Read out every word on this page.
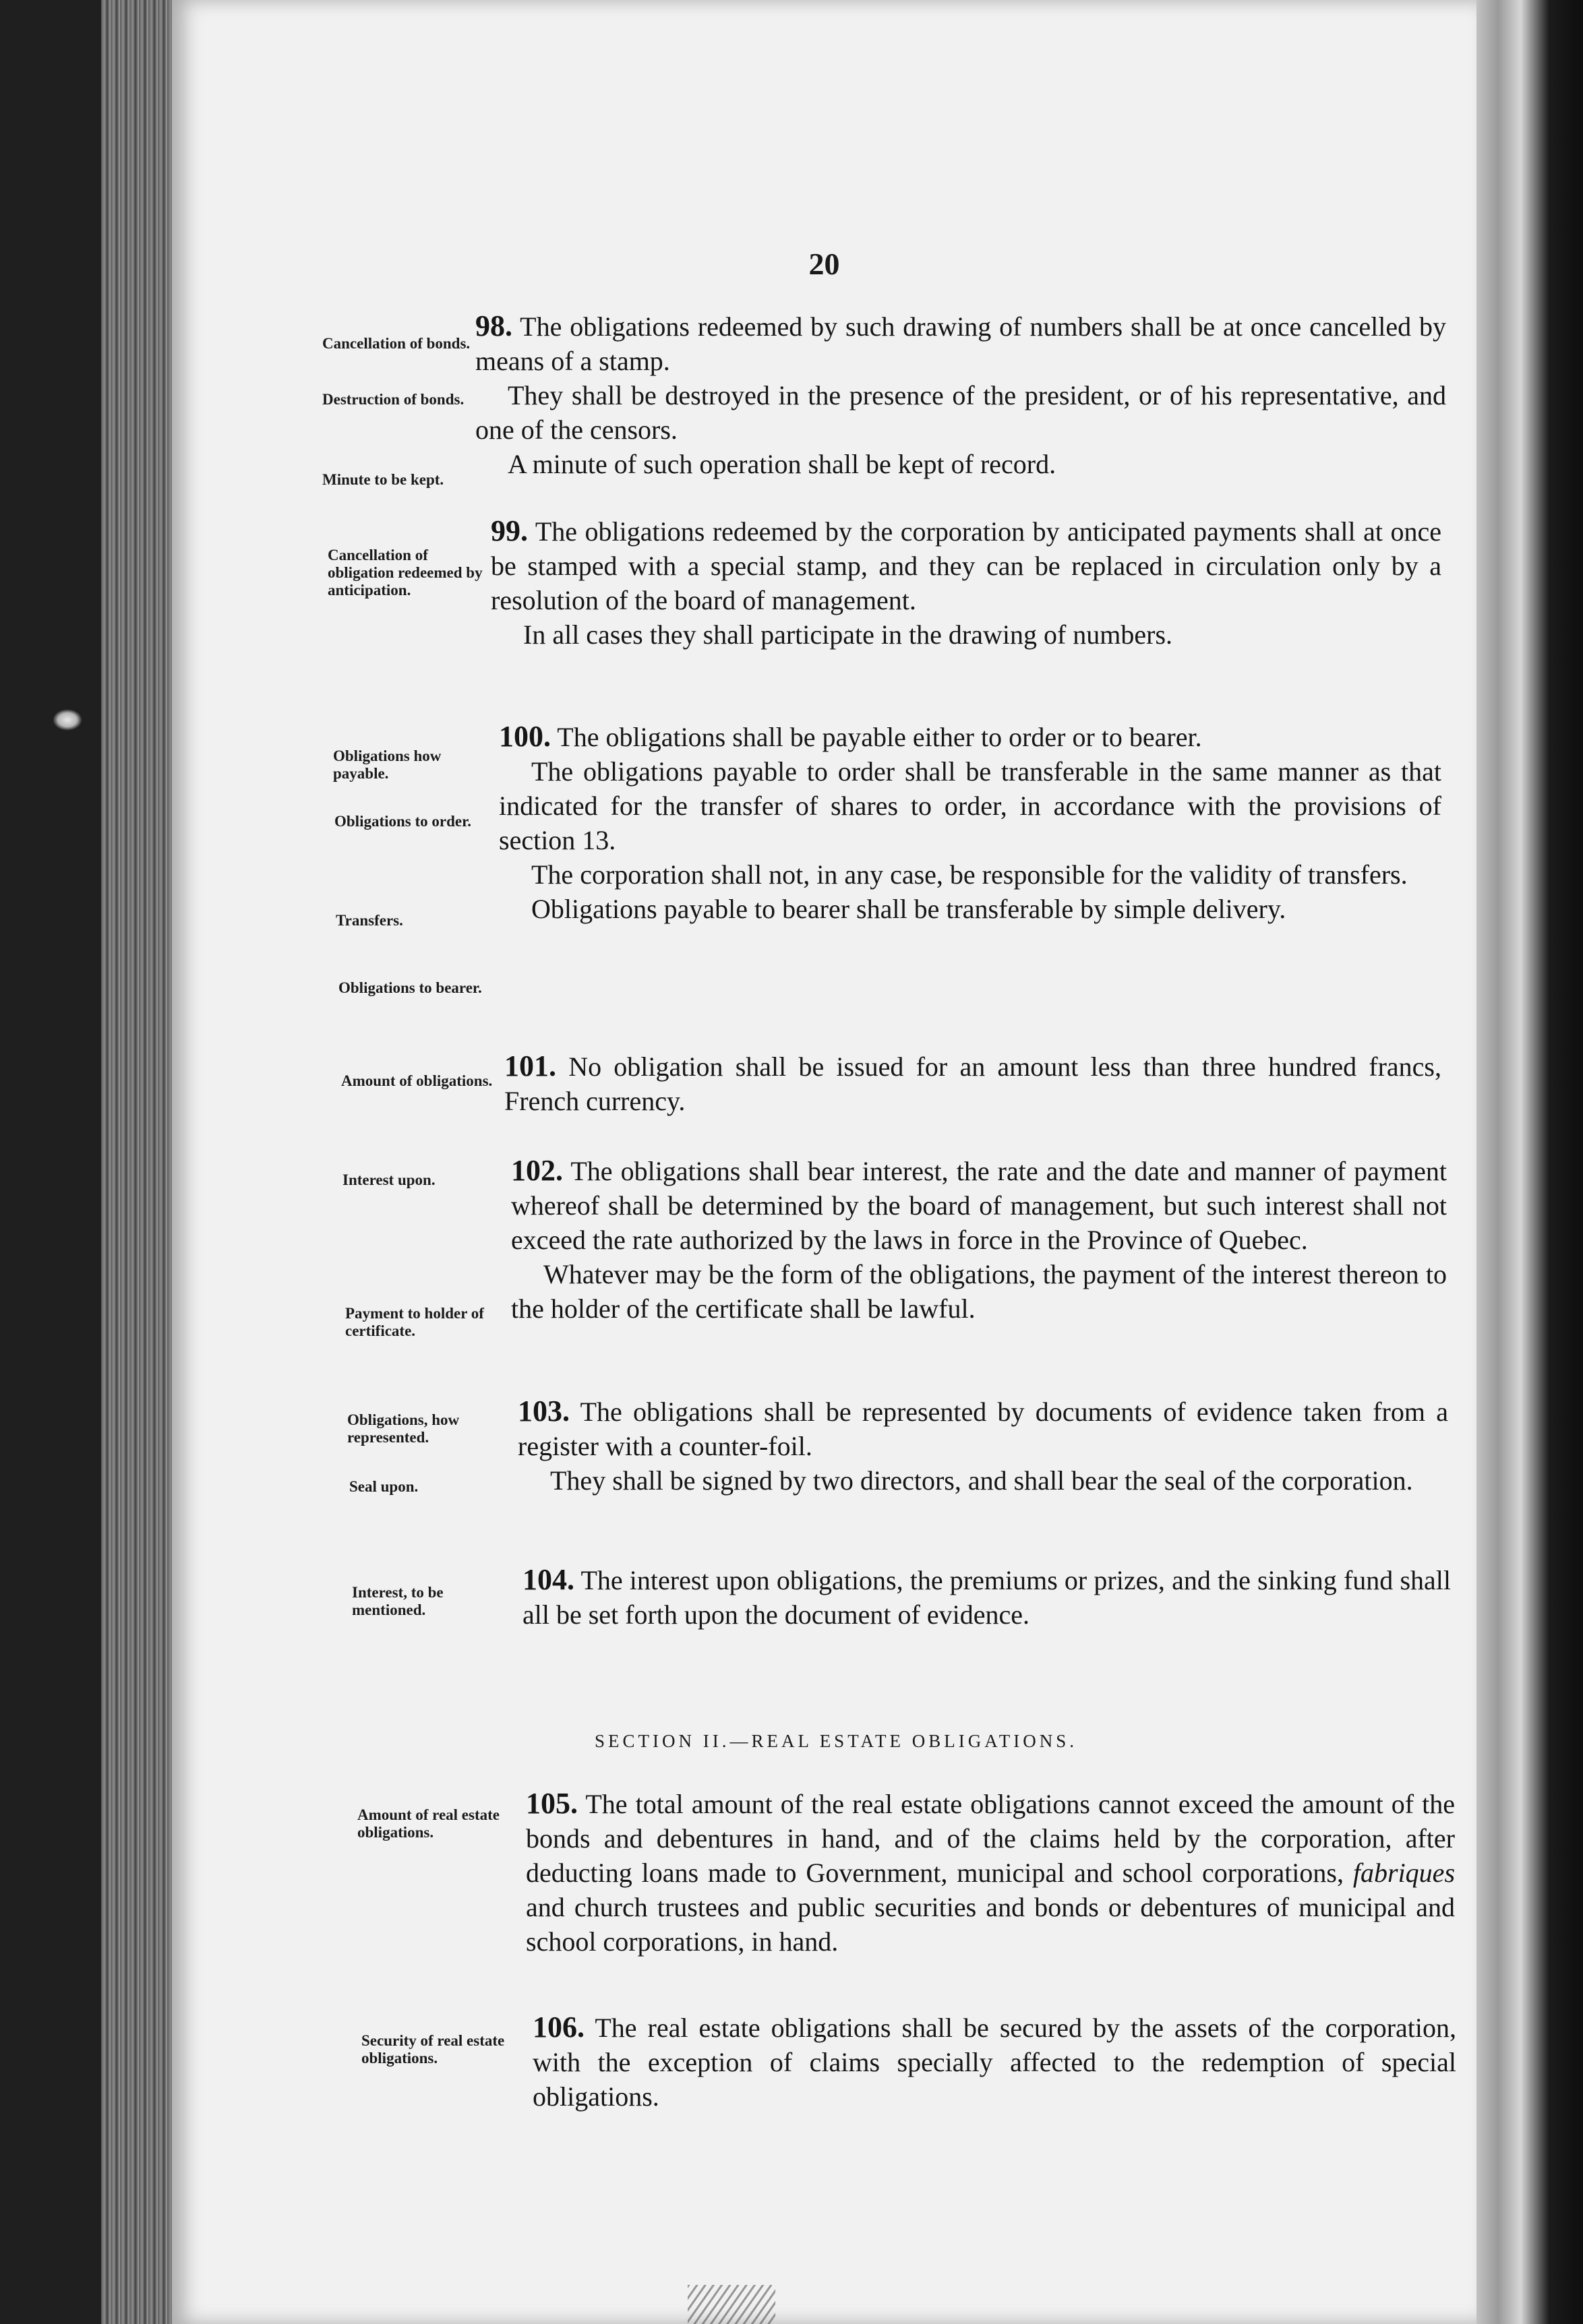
20

Cancellation of bonds.

Destruction of bonds.

Minute to be kept.

Cancellation of obligation redeemed by anticipation.

Obligations how payable.

Obligations to order.

Transfers.

Obligations to bearer.

Amount of obligations.

Interest upon.

Payment to holder of certificate.

Obligations, how represented.

Seal upon.

Interest, to be mentioned.

Amount of real estate obligations.

Security of real estate obligations.

98. The obligations redeemed by such drawing of numbers shall be at once cancelled by means of a stamp.
They shall be destroyed in the presence of the president, or of his representative, and one of the censors.
A minute of such operation shall be kept of record.
99. The obligations redeemed by the corporation by anticipated payments shall at once be stamped with a special stamp, and they can be replaced in circulation only by a resolution of the board of management.
In all cases they shall participate in the drawing of numbers.
100. The obligations shall be payable either to order or to bearer.
The obligations payable to order shall be transferable in the same manner as that indicated for the transfer of shares to order, in accordance with the provisions of section 13.
The corporation shall not, in any case, be responsible for the validity of transfers.
Obligations payable to bearer shall be transferable by simple delivery.
101. No obligation shall be issued for an amount less than three hundred francs, French currency.
102. The obligations shall bear interest, the rate and the date and manner of payment whereof shall be determined by the board of management, but such interest shall not exceed the rate authorized by the laws in force in the Province of Quebec.
Whatever may be the form of the obligations, the payment of the interest thereon to the holder of the certificate shall be lawful.
103. The obligations shall be represented by documents of evidence taken from a register with a counter-foil.
They shall be signed by two directors, and shall bear the seal of the corporation.
104. The interest upon obligations, the premiums or prizes, and the sinking fund shall all be set forth upon the document of evidence.

SECTION II.—REAL ESTATE OBLIGATIONS.

105. The total amount of the real estate obligations cannot exceed the amount of the bonds and debentures in hand, and of the claims held by the corporation, after deducting loans made to Government, municipal and school corporations, fabriques and church trustees and public securities and bonds or debentures of municipal and school corporations, in hand.
106. The real estate obligations shall be secured by the assets of the corporation, with the exception of claims specially affected to the redemption of special obligations.
